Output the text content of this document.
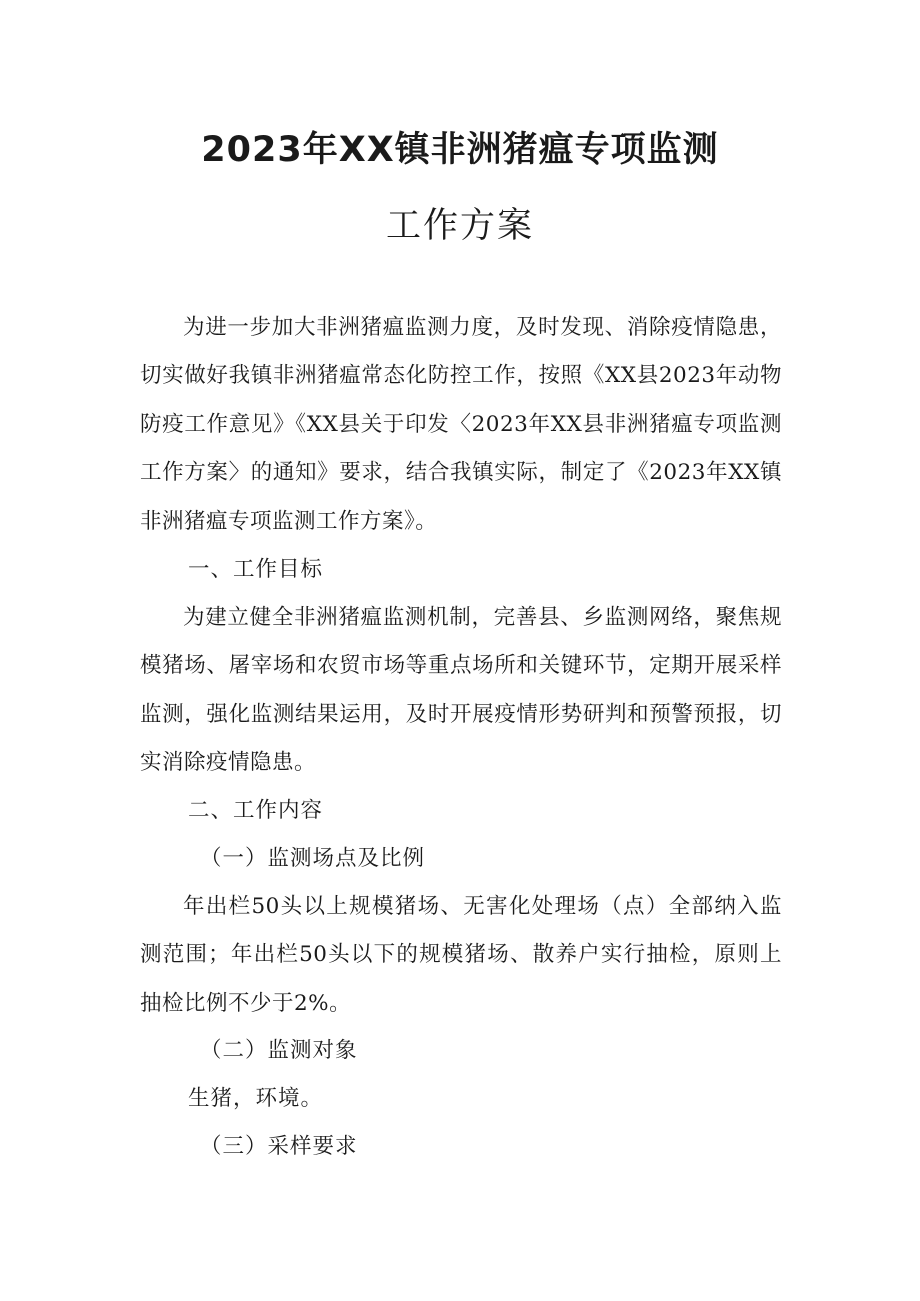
2023年XX镇非洲猪瘟专项监测
工作方案
为进一步加大非洲猪瘟监测力度，及时发现、消除疫情隐患，切实做好我镇非洲猪瘟常态化防控工作，按照《XX县2023年动物防疫工作意见》《XX县关于印发〈2023年XX县非洲猪瘟专项监测工作方案〉的通知》要求，结合我镇实际，制定了《2023年XX镇非洲猪瘟专项监测工作方案》。
一、工作目标
为建立健全非洲猪瘟监测机制，完善县、乡监测网络，聚焦规模猪场、屠宰场和农贸市场等重点场所和关键环节，定期开展采样监测，强化监测结果运用，及时开展疫情形势研判和预警预报，切实消除疫情隐患。
二、工作内容
（一）监测场点及比例
年出栏50头以上规模猪场、无害化处理场（点）全部纳入监测范围；年出栏50头以下的规模猪场、散养户实行抽检，原则上抽检比例不少于2%。
（二）监测对象
生猪，环境。
（三）采样要求
